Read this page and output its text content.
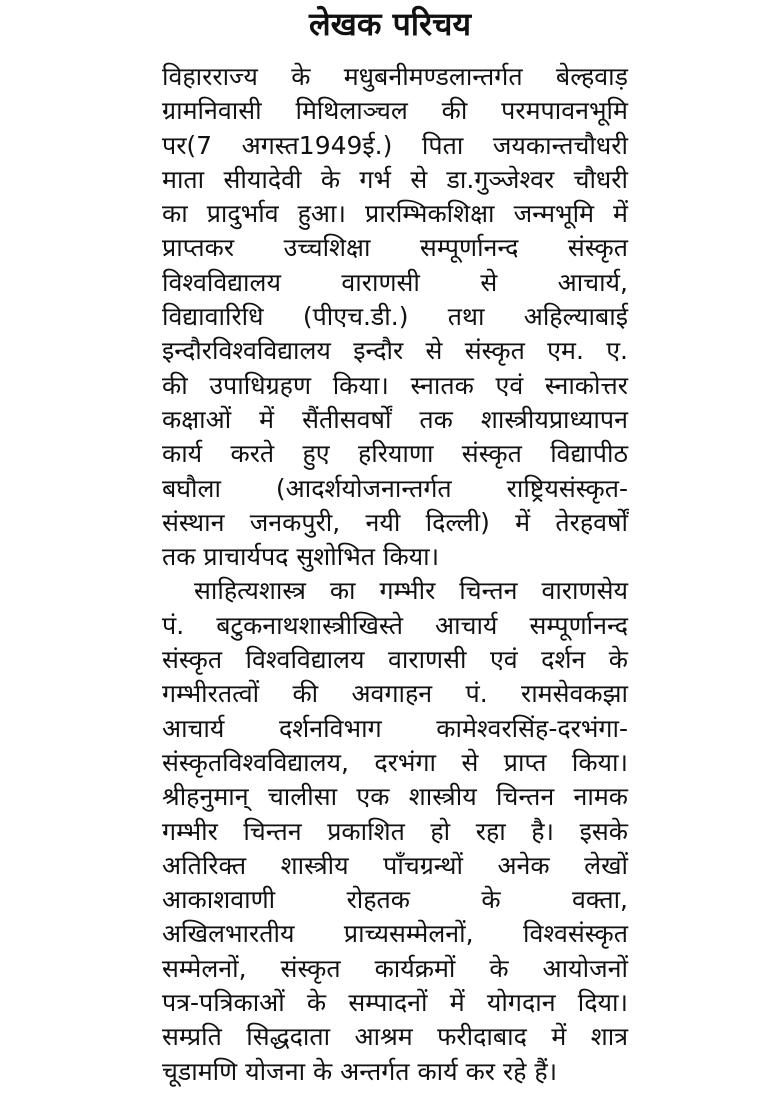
लेखक परिचय
विहारराज्य के मधुबनीमण्डलान्तर्गत बेल्हवाड़
ग्रामनिवासी मिथिलाञ्चल की परमपावनभूमि
पर(7 अगस्त1949ई.) पिता जयकान्तचौधरी
माता सीयादेवी के गर्भ से डा.गुञ्जेश्वर चौधरी
का प्रादुर्भाव हुआ। प्रारम्भिकशिक्षा जन्मभूमि में
प्राप्तकर उच्चशिक्षा सम्पूर्णानन्द संस्कृत
विश्वविद्यालय वाराणसी से आचार्य,
विद्यावारिधि (पीएच.डी.) तथा अहिल्याबाई
इन्दौरविश्वविद्यालय इन्दौर से संस्कृत एम. ए.
की उपाधिग्रहण किया। स्नातक एवं स्नाकोत्तर
कक्षाओं में सैंतीसवर्षों तक शास्त्रीयप्राध्यापन
कार्य करते हुए हरियाणा संस्कृत विद्यापीठ
बघौला (आदर्शयोजनान्तर्गत राष्ट्रियसंस्कृत-
संस्थान जनकपुरी, नयी दिल्ली) में तेरहवर्षों
तक प्राचार्यपद सुशोभित किया।
साहित्यशास्त्र का गम्भीर चिन्तन वाराणसेय
पं. बटुकनाथशास्त्रीखिस्ते आचार्य सम्पूर्णानन्द
संस्कृत विश्वविद्यालय वाराणसी एवं दर्शन के
गम्भीरतत्वों की अवगाहन पं. रामसेवकझा
आचार्य दर्शनविभाग कामेश्वरसिंह-दरभंगा-
संस्कृतविश्वविद्यालय, दरभंगा से प्राप्त किया।
श्रीहनुमान् चालीसा एक शास्त्रीय चिन्तन नामक
गम्भीर चिन्तन प्रकाशित हो रहा है। इसके
अतिरिक्त शास्त्रीय पाँचग्रन्थों अनेक लेखों
आकाशवाणी रोहतक के वक्ता,
अखिलभारतीय प्राच्यसम्मेलनों, विश्वसंस्कृत
सम्मेलनों, संस्कृत कार्यक्रमों के आयोजनों
पत्र-पत्रिकाओं के सम्पादनों में योगदान दिया।
सम्प्रति सिद्धदाता आश्रम फरीदाबाद में शात्र
चूडामणि योजना के अन्तर्गत कार्य कर रहे हैं।
